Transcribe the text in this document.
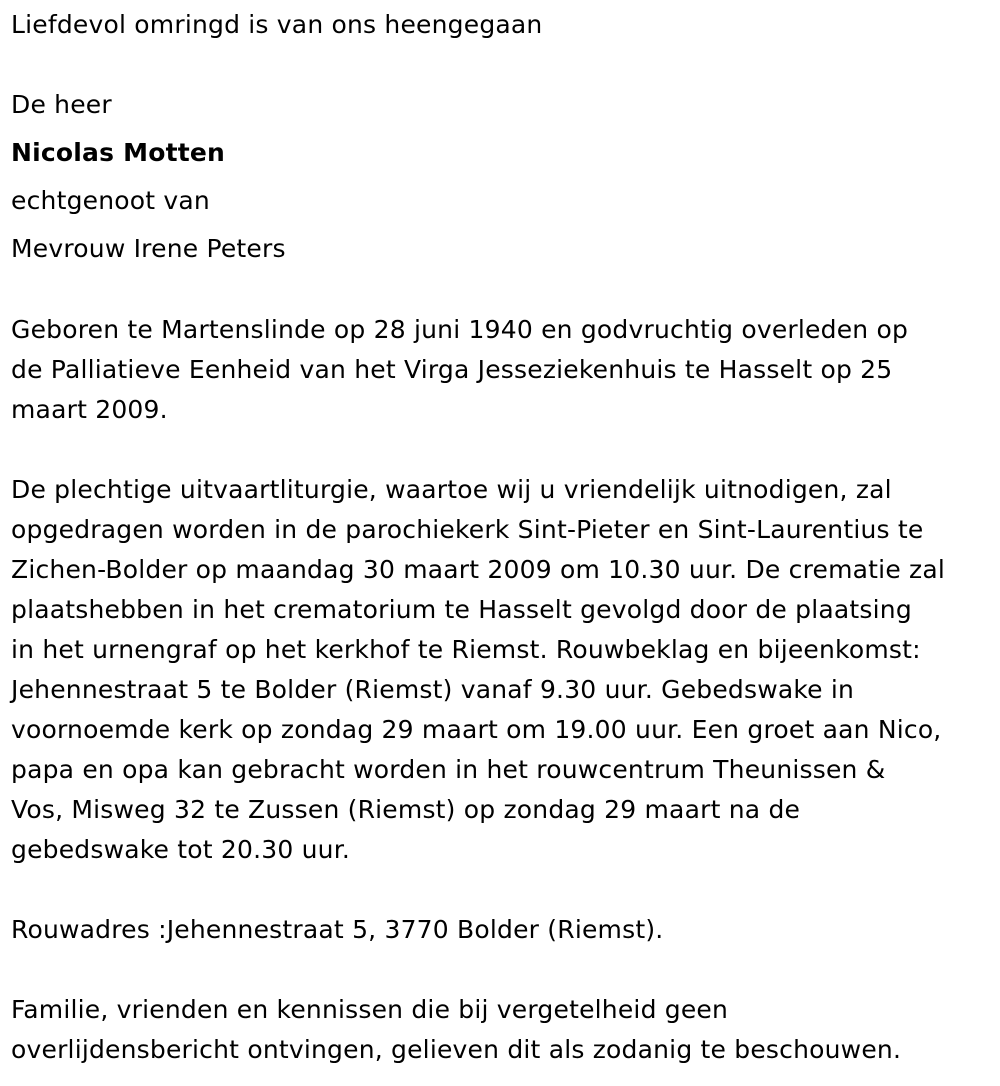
Liefdevol omringd is van ons heengegaan
De heer
Nicolas Motten
echtgenoot van
Mevrouw Irene Peters
Geboren te Martenslinde op 28 juni 1940 en godvruchtig overleden op
de Palliatieve Eenheid van het Virga Jesseziekenhuis te Hasselt op 25
maart 2009.
De plechtige uitvaartliturgie, waartoe wij u vriendelijk uitnodigen, zal
opgedragen worden in de parochiekerk Sint-Pieter en Sint-Laurentius te
Zichen-Bolder op maandag 30 maart 2009 om 10.30 uur. De crematie zal
plaatshebben in het crematorium te Hasselt gevolgd door de plaatsing
in het urnengraf op het kerkhof te Riemst. Rouwbeklag en bijeenkomst:
Jehennestraat 5 te Bolder (Riemst) vanaf 9.30 uur. Gebedswake in
voornoemde kerk op zondag 29 maart om 19.00 uur. Een groet aan Nico,
papa en opa kan gebracht worden in het rouwcentrum Theunissen &
Vos, Misweg 32 te Zussen (Riemst) op zondag 29 maart na de
gebedswake tot 20.30 uur.
Rouwadres :Jehennestraat 5, 3770 Bolder (Riemst).
Familie, vrienden en kennissen die bij vergetelheid geen
overlijdensbericht ontvingen, gelieven dit als zodanig te beschouwen.
